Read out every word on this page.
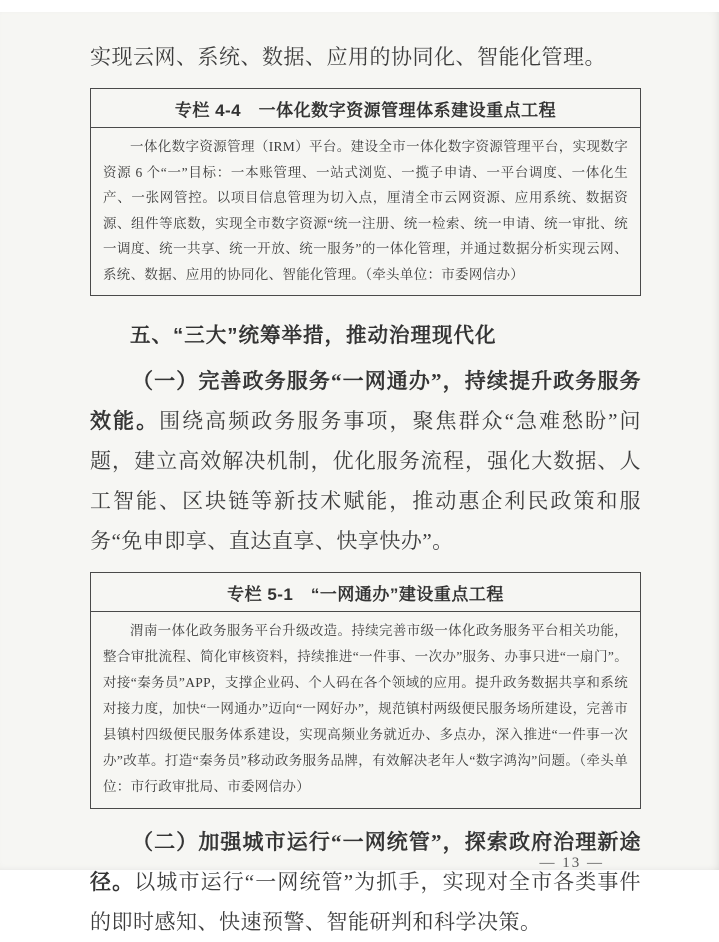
实现云网、系统、数据、应用的协同化、智能化管理。
专栏 4-4　一体化数字资源管理体系建设重点工程
一体化数字资源管理（IRM）平台。建设全市一体化数字资源管理平台，实现数字资源 6 个“一”目标：一本账管理、一站式浏览、一揽子申请、一平台调度、一体化生产、一张网管控。以项目信息管理为切入点，厘清全市云网资源、应用系统、数据资源、组件等底数，实现全市数字资源“统一注册、统一检索、统一申请、统一审批、统一调度、统一共享、统一开放、统一服务”的一体化管理，并通过数据分析实现云网、系统、数据、应用的协同化、智能化管理。（牵头单位：市委网信办）
五、“三大”统筹举措，推动治理现代化
（一）完善政务服务“一网通办”，持续提升政务服务效能。围绕高频政务服务事项，聚焦群众“急难愁盼”问题，建立高效解决机制，优化服务流程，强化大数据、人工智能、区块链等新技术赋能，推动惠企利民政策和服务“免申即享、直达直享、快享快办”。
专栏 5-1　“一网通办”建设重点工程
渭南一体化政务服务平台升级改造。持续完善市级一体化政务服务平台相关功能，整合审批流程、简化审核资料，持续推进“一件事、一次办”服务、办事只进“一扇门”。对接“秦务员”APP，支撑企业码、个人码在各个领域的应用。提升政务数据共享和系统对接力度，加快“一网通办”迈向“一网好办”，规范镇村两级便民服务场所建设，完善市县镇村四级便民服务体系建设，实现高频业务就近办、多点办，深入推进“一件事一次办”改革。打造“秦务员”移动政务服务品牌，有效解决老年人“数字鸿沟”问题。（牵头单位：市行政审批局、市委网信办）
（二）加强城市运行“一网统管”，探索政府治理新途径。以城市运行“一网统管”为抓手，实现对全市各类事件的即时感知、快速预警、智能研判和科学决策。
— 13 —
